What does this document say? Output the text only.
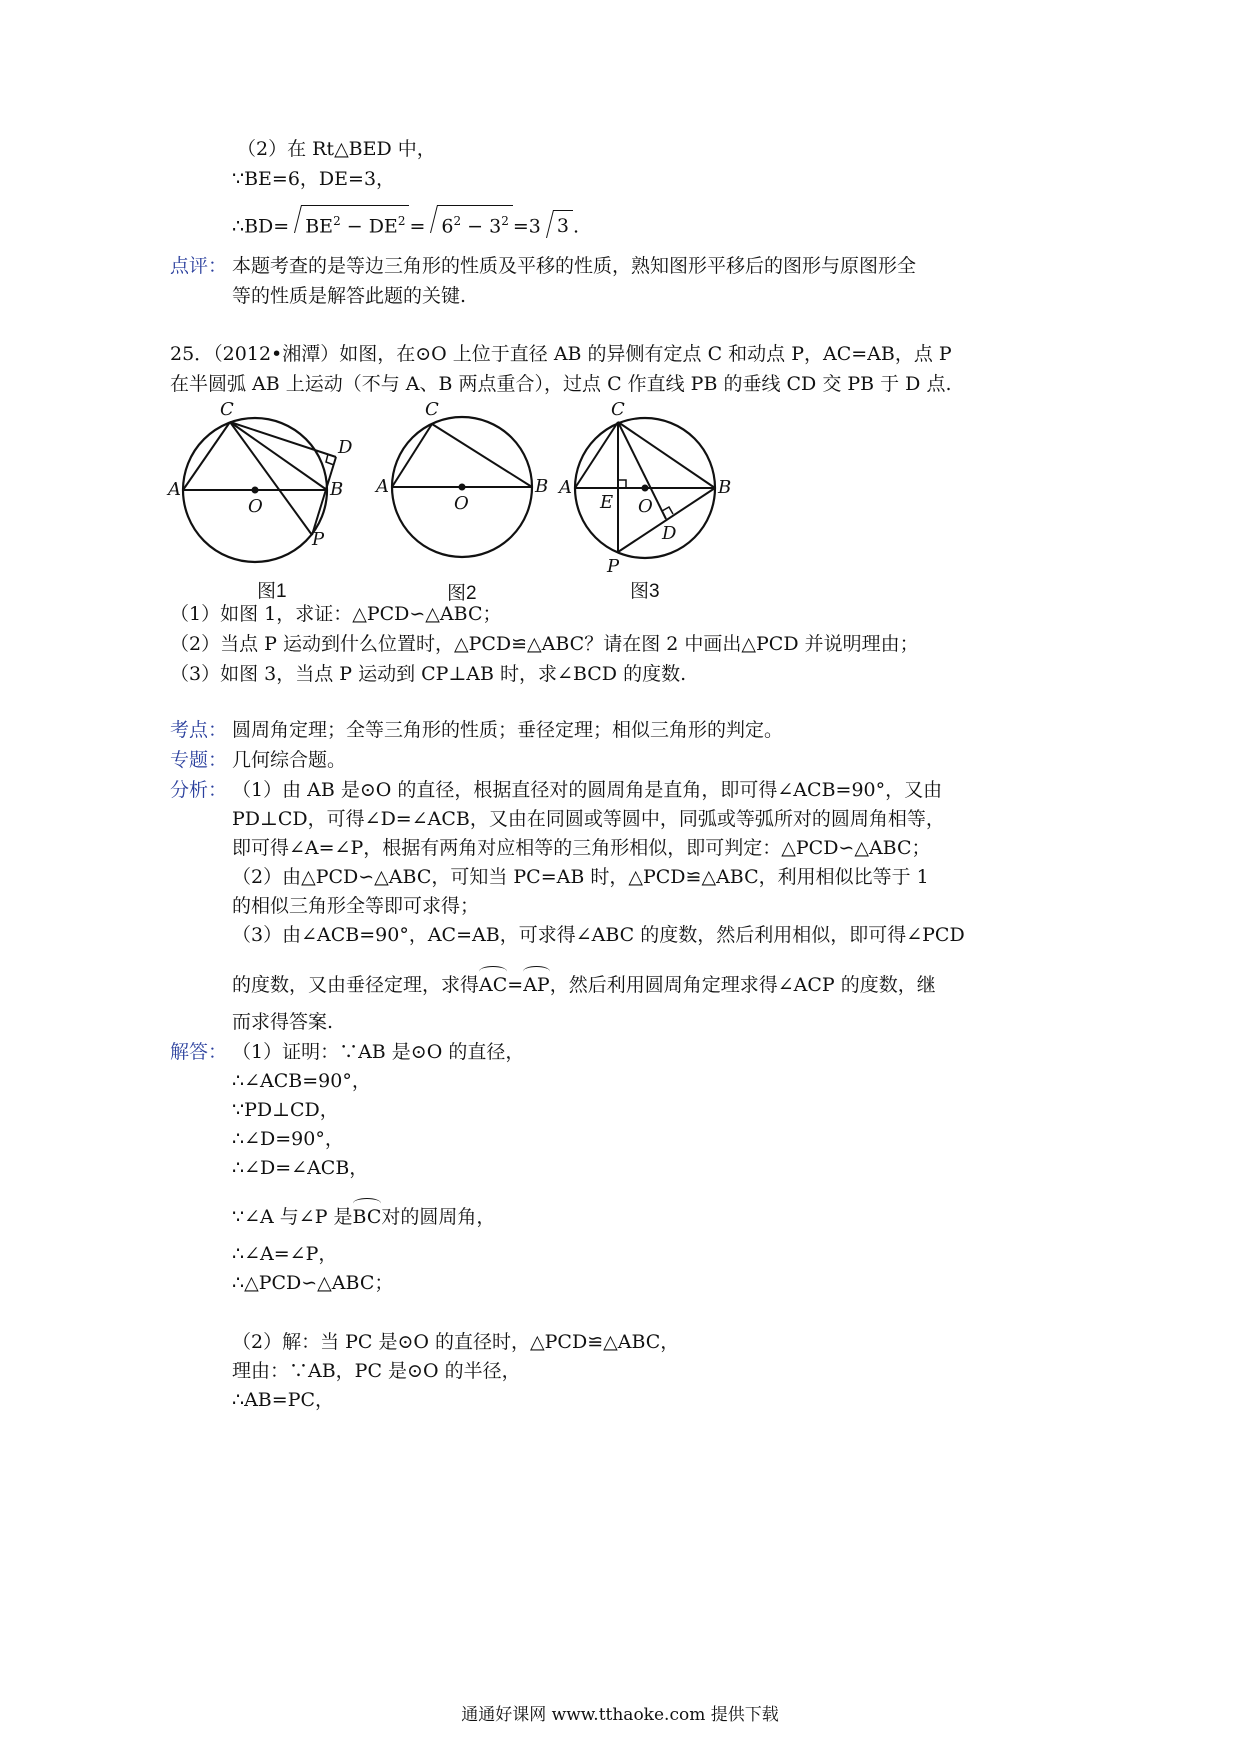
（2）在 Rt△BED 中，
∵BE=6，DE=3，
∴BD= $BE^2 - DE^2 = 6^2 - 3^2 =3$ 3 .
点评： 本题考查的是等边三角形的性质及平移的性质，熟知图形平移后的图形与原图形全
等的性质是解答此题的关键.
25．（2012•湘潭）如图，在⊙O 上位于直径 AB 的异侧有定点 C 和动点 P，AC=AB，点 P
在半圆弧 AB 上运动（不与 A、B 两点重合），过点 C 作直线 PB 的垂线 CD 交 PB 于 D 点.
C
D
A	B
O
P
C
A	B
O
C
A	B
E O
D
P
图1	图2	图3
（1）如图 1，求证：△PCD∽△ABC；
（2）当点 P 运动到什么位置时，△PCD≌△ABC？请在图 2 中画出△PCD 并说明理由；
（3）如图 3，当点 P 运动到 CP⊥AB 时，求∠BCD 的度数.
考点： 圆周角定理；全等三角形的性质；垂径定理；相似三角形的判定。
专题： 几何综合题。
分析： （1）由 AB 是⊙O 的直径，根据直径对的圆周角是直角，即可得∠ACB=90°，又由
PD⊥CD，可得∠D=∠ACB，又由在同圆或等圆中，同弧或等弧所对的圆周角相等，
即可得∠A=∠P，根据有两角对应相等的三角形相似，即可判定：△PCD∽△ABC；
（2）由△PCD∽△ABC，可知当 PC=AB 时，△PCD≌△ABC，利用相似比等于 1
的相似三角形全等即可求得；
（3）由∠ACB=90°，AC=AB，可求得∠ABC 的度数，然后利用相似，即可得∠PCD
的度数，又由垂径定理，求得AC=AP，然后利用圆周角定理求得∠ACP 的度数，继
而求得答案.
解答： （1）证明：∵AB 是⊙O 的直径，
∴∠ACB=90°，
∵PD⊥CD，
∴∠D=90°，
∴∠D=∠ACB，
∵∠A 与∠P 是BC对的圆周角，
∴∠A=∠P，
∴△PCD∽△ABC；
（2）解：当 PC 是⊙O 的直径时，△PCD≌△ABC，
理由：∵AB，PC 是⊙O 的半径，
∴AB=PC，
通通好课网 www.tthaoke.com 提供下载
